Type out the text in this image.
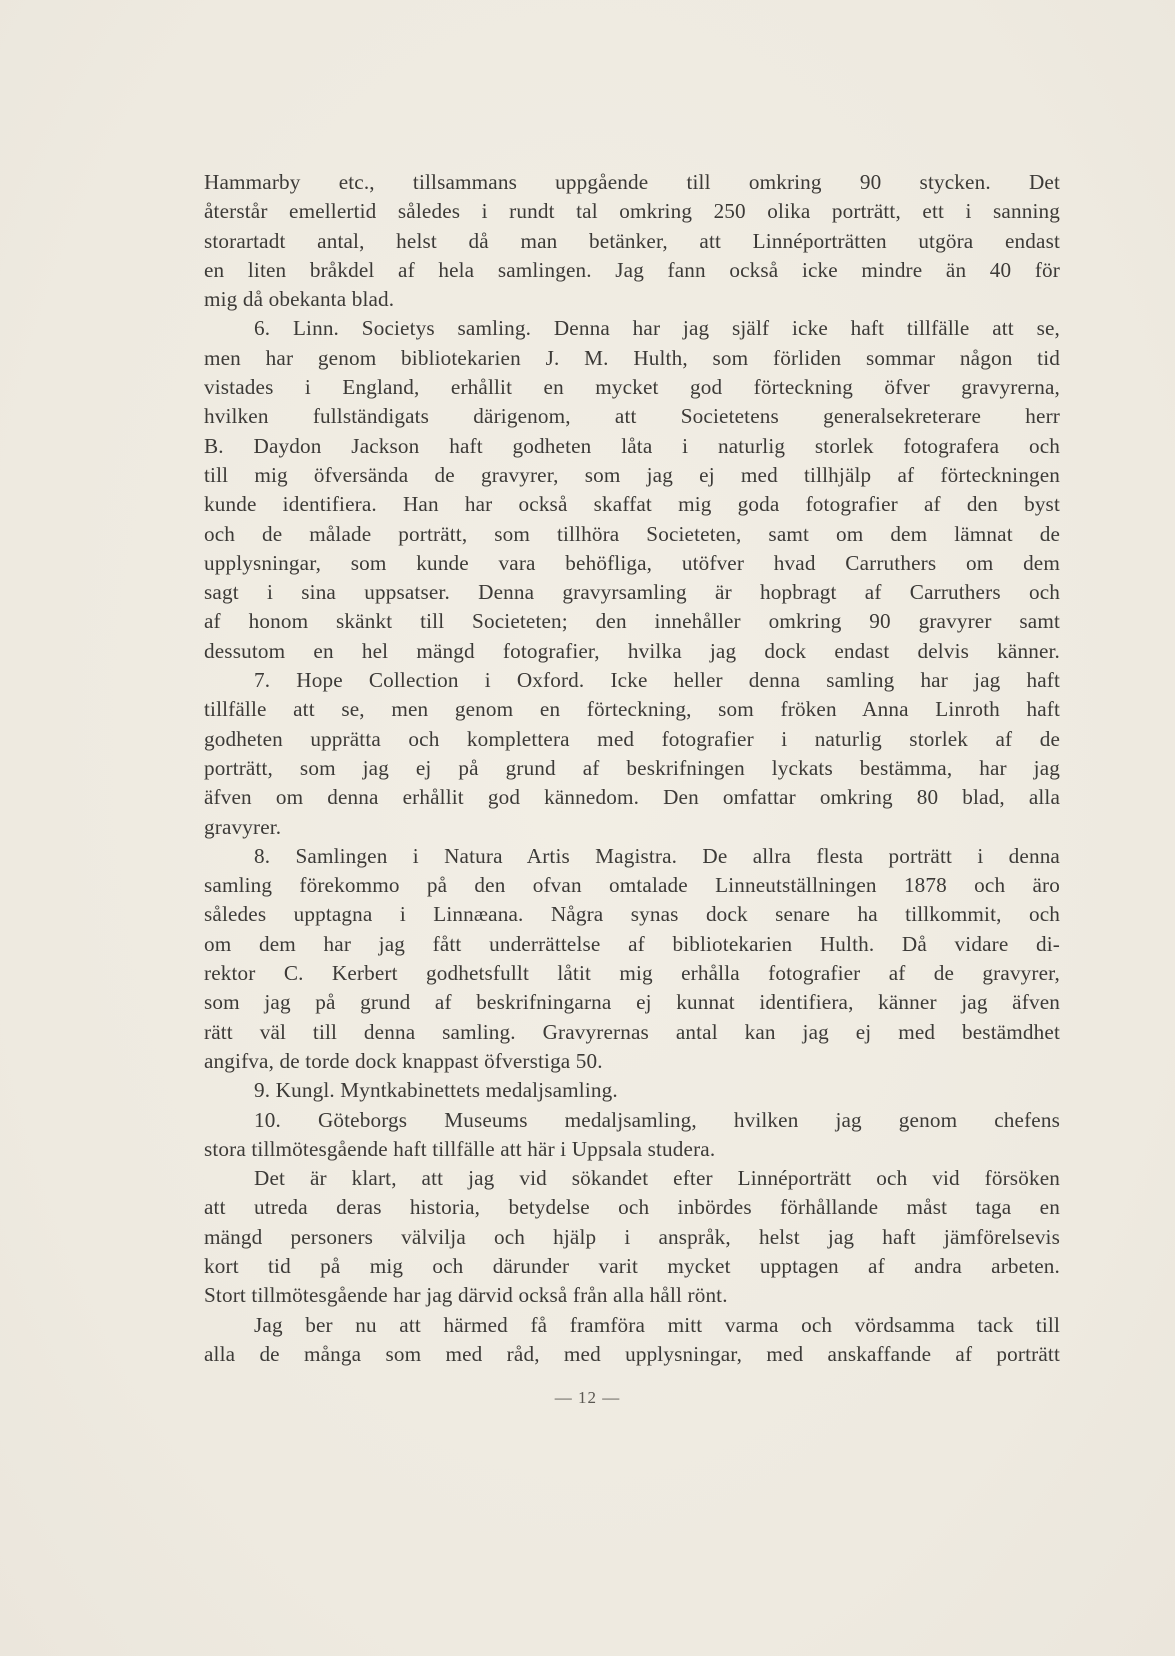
Hammarby etc., tillsammans uppgående till omkring 90 stycken. Det
återstår emellertid således i rundt tal omkring 250 olika porträtt, ett i sanning
storartadt antal, helst då man betänker, att Linnéporträtten utgöra endast
en liten bråkdel af hela samlingen. Jag fann också icke mindre än 40 för
mig då obekanta blad.
6. Linn. Societys samling. Denna har jag själf icke haft tillfälle att se,
men har genom bibliotekarien J. M. Hulth, som förliden sommar någon tid
vistades i England, erhållit en mycket god förteckning öfver gravyrerna,
hvilken fullständigats därigenom, att Societetens generalsekreterare herr
B. Daydon Jackson haft godheten låta i naturlig storlek fotografera och
till mig öfversända de gravyrer, som jag ej med tillhjälp af förteckningen
kunde identifiera. Han har också skaffat mig goda fotografier af den byst
och de målade porträtt, som tillhöra Societeten, samt om dem lämnat de
upplysningar, som kunde vara behöfliga, utöfver hvad Carruthers om dem
sagt i sina uppsatser. Denna gravyrsamling är hopbragt af Carruthers och
af honom skänkt till Societeten; den innehåller omkring 90 gravyrer samt
dessutom en hel mängd fotografier, hvilka jag dock endast delvis känner.
7. Hope Collection i Oxford. Icke heller denna samling har jag haft
tillfälle att se, men genom en förteckning, som fröken Anna Linroth haft
godheten upprätta och komplettera med fotografier i naturlig storlek af de
porträtt, som jag ej på grund af beskrifningen lyckats bestämma, har jag
äfven om denna erhållit god kännedom. Den omfattar omkring 80 blad, alla
gravyrer.
8. Samlingen i Natura Artis Magistra. De allra flesta porträtt i denna
samling förekommo på den ofvan omtalade Linneutställningen 1878 och äro
således upptagna i Linnæana. Några synas dock senare ha tillkommit, och
om dem har jag fått underrättelse af bibliotekarien Hulth. Då vidare di-
rektor C. Kerbert godhetsfullt låtit mig erhålla fotografier af de gravyrer,
som jag på grund af beskrifningarna ej kunnat identifiera, känner jag äfven
rätt väl till denna samling. Gravyrernas antal kan jag ej med bestämdhet
angifva, de torde dock knappast öfverstiga 50.
9. Kungl. Myntkabinettets medaljsamling.
10. Göteborgs Museums medaljsamling, hvilken jag genom chefens
stora tillmötesgående haft tillfälle att här i Uppsala studera.
Det är klart, att jag vid sökandet efter Linnéporträtt och vid försöken
att utreda deras historia, betydelse och inbördes förhållande måst taga en
mängd personers välvilja och hjälp i anspråk, helst jag haft jämförelsevis
kort tid på mig och därunder varit mycket upptagen af andra arbeten.
Stort tillmötesgående har jag därvid också från alla håll rönt.
Jag ber nu att härmed få framföra mitt varma och vördsamma tack till
alla de många som med råd, med upplysningar, med anskaffande af porträtt
— 12 —
